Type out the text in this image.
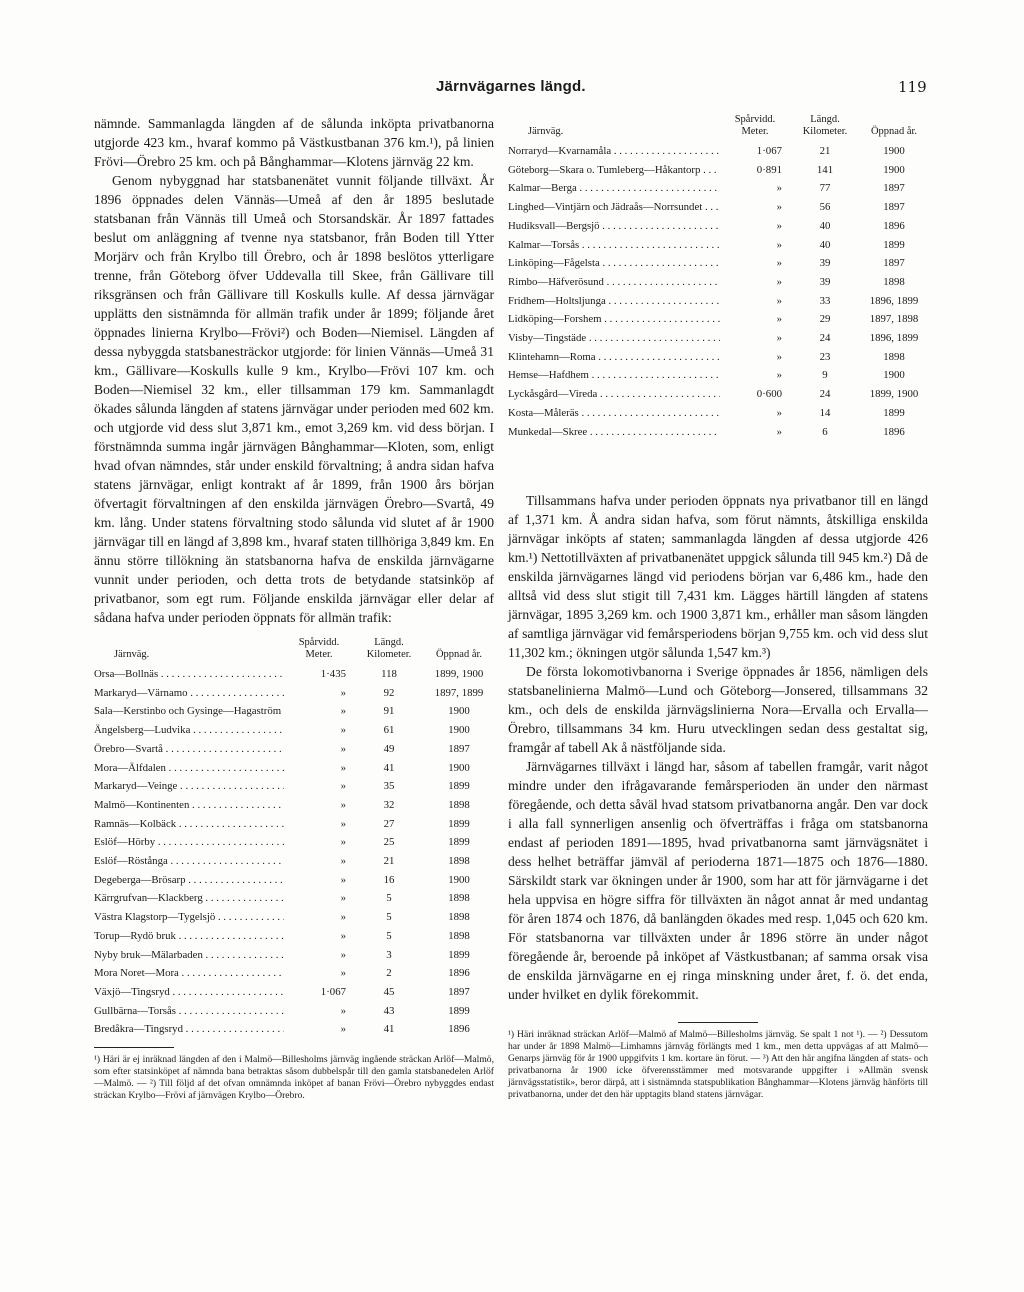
Järnvägarnes längd.	119

nämnde. Sammanlagda längden af de sålunda inköpta privatbanorna utgjorde 423 km., hvaraf kommo på Västkustbanan 376 km.¹), på linien Frövi—Örebro 25 km. och på Bånghammar—Klotens järnväg 22 km.

Genom nybyggnad har statsbanenätet vunnit följande tillväxt. År 1896 öppnades delen Vännäs—Umeå af den år 1895 beslutade statsbanan från Vännäs till Umeå och Storsandskär. År 1897 fattades beslut om anläggning af tvenne nya statsbanor, från Boden till Ytter Morjärv och från Krylbo till Örebro, och år 1898 beslötos ytterligare trenne, från Göteborg öfver Uddevalla till Skee, från Gällivare till riksgränsen och från Gällivare till Koskulls kulle. Af dessa järnvägar upplätts den sistnämnda för allmän trafik under år 1899; följande året öppnades linierna Krylbo—Frövi²) och Boden—Niemisel. Längden af dessa nybyggda statsbanesträckor utgjorde: för linien Vännäs—Umeå 31 km., Gällivare—Koskulls kulle 9 km., Krylbo—Frövi 107 km. och Boden—Niemisel 32 km., eller tillsamman 179 km. Sammanlagdt ökades sålunda längden af statens järnvägar under perioden med 602 km. och utgjorde vid dess slut 3,871 km., emot 3,269 km. vid dess början. I förstnämnda summa ingår järnvägen Bånghammar—Kloten, som, enligt hvad ofvan nämndes, står under enskild förvaltning; å andra sidan hafva statens järnvägar, enligt kontrakt af år 1899, från 1900 års början öfvertagit förvaltningen af den enskilda järnvägen Örebro—Svartå, 49 km. lång. Under statens förvaltning stodo sålunda vid slutet af år 1900 järnvägar till en längd af 3,898 km., hvaraf staten tillhöriga 3,849 km. En ännu större tillökning än statsbanorna hafva de enskilda järnvägarne vunnit under perioden, och detta trots de betydande statsinköp af privatbanor, som egt rum. Följande enskilda järnvägar eller delar af sådana hafva under perioden öppnats för allmän trafik:

Järnväg.	Spårvidd. Meter.	Längd. Kilometer.	Öppnad år.
Orsa—Bollnäs . . .	1·435	118	1899, 1900
Markaryd—Värnamo . . .	»	92	1897, 1899
Sala—Kerstinbo och Gysinge—Hagaström . . .	»	91	1900
Ängelsberg—Ludvika . . .	»	61	1900
Örebro—Svartå . . .	»	49	1897
Mora—Älfdalen . . .	»	41	1900
Markaryd—Veinge . . .	»	35	1899
Malmö—Kontinenten . . .	»	32	1898
Ramnäs—Kolbäck . . .	»	27	1899
Eslöf—Hörby . . .	»	25	1899
Eslöf—Röstånga . . .	»	21	1898
Degeberga—Brösarp . . .	»	16	1900
Kärrgrufvan—Klackberg . . .	»	5	1898
Västra Klagstorp—Tygelsjö . . .	»	5	1898
Torup—Rydö bruk . . .	»	5	1898
Nyby bruk—Mälarbaden . . .	»	3	1899
Mora Noret—Mora . . .	»	2	1896
Växjö—Tingsryd . . .	1·067	45	1897
Gullbärna—Torsås . . .	»	43	1899
Bredåkra—Tingsryd . . .	»	41	1896

¹) Häri är ej inräknad längden af den i Malmö—Billesholms järnväg ingående sträckan Arlöf—Malmö, som efter statsinköpet af nämnda bana betraktas såsom dubbelspår till den gamla statsbanedelen Arlöf—Malmö. — ²) Till följd af det ofvan omnämnda inköpet af banan Frövi—Örebro nybyggdes endast sträckan Krylbo—Frövi af järnvägen Krylbo—Örebro.

Järnväg.	Spårvidd. Meter.	Längd. Kilometer.	Öppnad år.
Norraryd—Kvarnamåla . . .	1·067	21	1900
Göteborg—Skara o. Tumleberg—Håkantorp . . .	0·891	141	1900
Kalmar—Berga . . .	»	77	1897
Linghed—Vintjärn och Jädraås—Norrsundet . . .	»	56	1897
Hudiksvall—Bergsjö . . .	»	40	1896
Kalmar—Torsås . . .	»	40	1899
Linköping—Fågelsta . . .	»	39	1897
Rimbo—Häfverösund . . .	»	39	1898
Fridhem—Holtsljunga . . .	»	33	1896, 1899
Lidköping—Forshem . . .	»	29	1897, 1898
Visby—Tingstäde . . .	»	24	1896, 1899
Klintehamn—Roma . . .	»	23	1898
Hemse—Hafdhem . . .	»	9	1900
Lyckåsgård—Vireda . . .	0·600	24	1899, 1900
Kosta—Måleräs . . .	»	14	1899
Munkedal—Skree . . .	»	6	1896

Tillsammans hafva under perioden öppnats nya privatbanor till en längd af 1,371 km. Å andra sidan hafva, som förut nämnts, åtskilliga enskilda järnvägar inköpts af staten; sammanlagda längden af dessa utgjorde 426 km.¹) Nettotillväxten af privatbanenätet uppgick sålunda till 945 km.²) Då de enskilda järnvägarnes längd vid periodens början var 6,486 km., hade den alltså vid dess slut stigit till 7,431 km. Lägges härtill längden af statens järnvägar, 1895 3,269 km. och 1900 3,871 km., erhåller man såsom längden af samtliga järnvägar vid femårsperiodens början 9,755 km. och vid dess slut 11,302 km.; ökningen utgör sålunda 1,547 km.³)

De första lokomotivbanorna i Sverige öppnades år 1856, nämligen dels statsbanelinierna Malmö—Lund och Göteborg—Jonsered, tillsammans 32 km., och dels de enskilda järnvägslinierna Nora—Ervalla och Ervalla—Örebro, tillsammans 34 km. Huru utvecklingen sedan dess gestaltat sig, framgår af tabell Ak å nästföljande sida.

Järnvägarnes tillväxt i längd har, såsom af tabellen framgår, varit något mindre under den ifrågavarande femårsperioden än under den närmast föregående, och detta såväl hvad statsom privatbanorna angår. Den var dock i alla fall synnerligen ansenlig och öfverträffas i fråga om statsbanorna endast af perioden 1891—1895, hvad privatbanorna samt järnvägsnätet i dess helhet beträffar jämväl af perioderna 1871—1875 och 1876—1880. Särskildt stark var ökningen under år 1900, som har att för järnvägarne i det hela uppvisa en högre siffra för tillväxten än något annat år med undantag för åren 1874 och 1876, då banlängden ökades med resp. 1,045 och 620 km. För statsbanorna var tillväxten under år 1896 större än under något föregående år, beroende på inköpet af Västkustbanan; af samma orsak visa de enskilda järnvägarne en ej ringa minskning under året, f. ö. det enda, under hvilket en dylik förekommit.

¹) Häri inräknad sträckan Arlöf—Malmö af Malmö—Billesholms järnväg. Se spalt 1 not ¹). — ²) Dessutom har under år 1898 Malmö—Limhamns järnväg förlängts med 1 km., men detta uppvägas af att Malmö—Genarps järnväg för år 1900 uppgifvits 1 km. kortare än förut. — ³) Att den här angifna längden af stats- och privatbanorna år 1900 icke öfverensstämmer med motsvarande uppgifter i »Allmän svensk järnvägsstatistik», beror därpå, att i sistnämnda statspublikation Bånghammar—Klotens järnväg hänförts till privatbanorna, under det den här upptagits bland statens järnvägar.
